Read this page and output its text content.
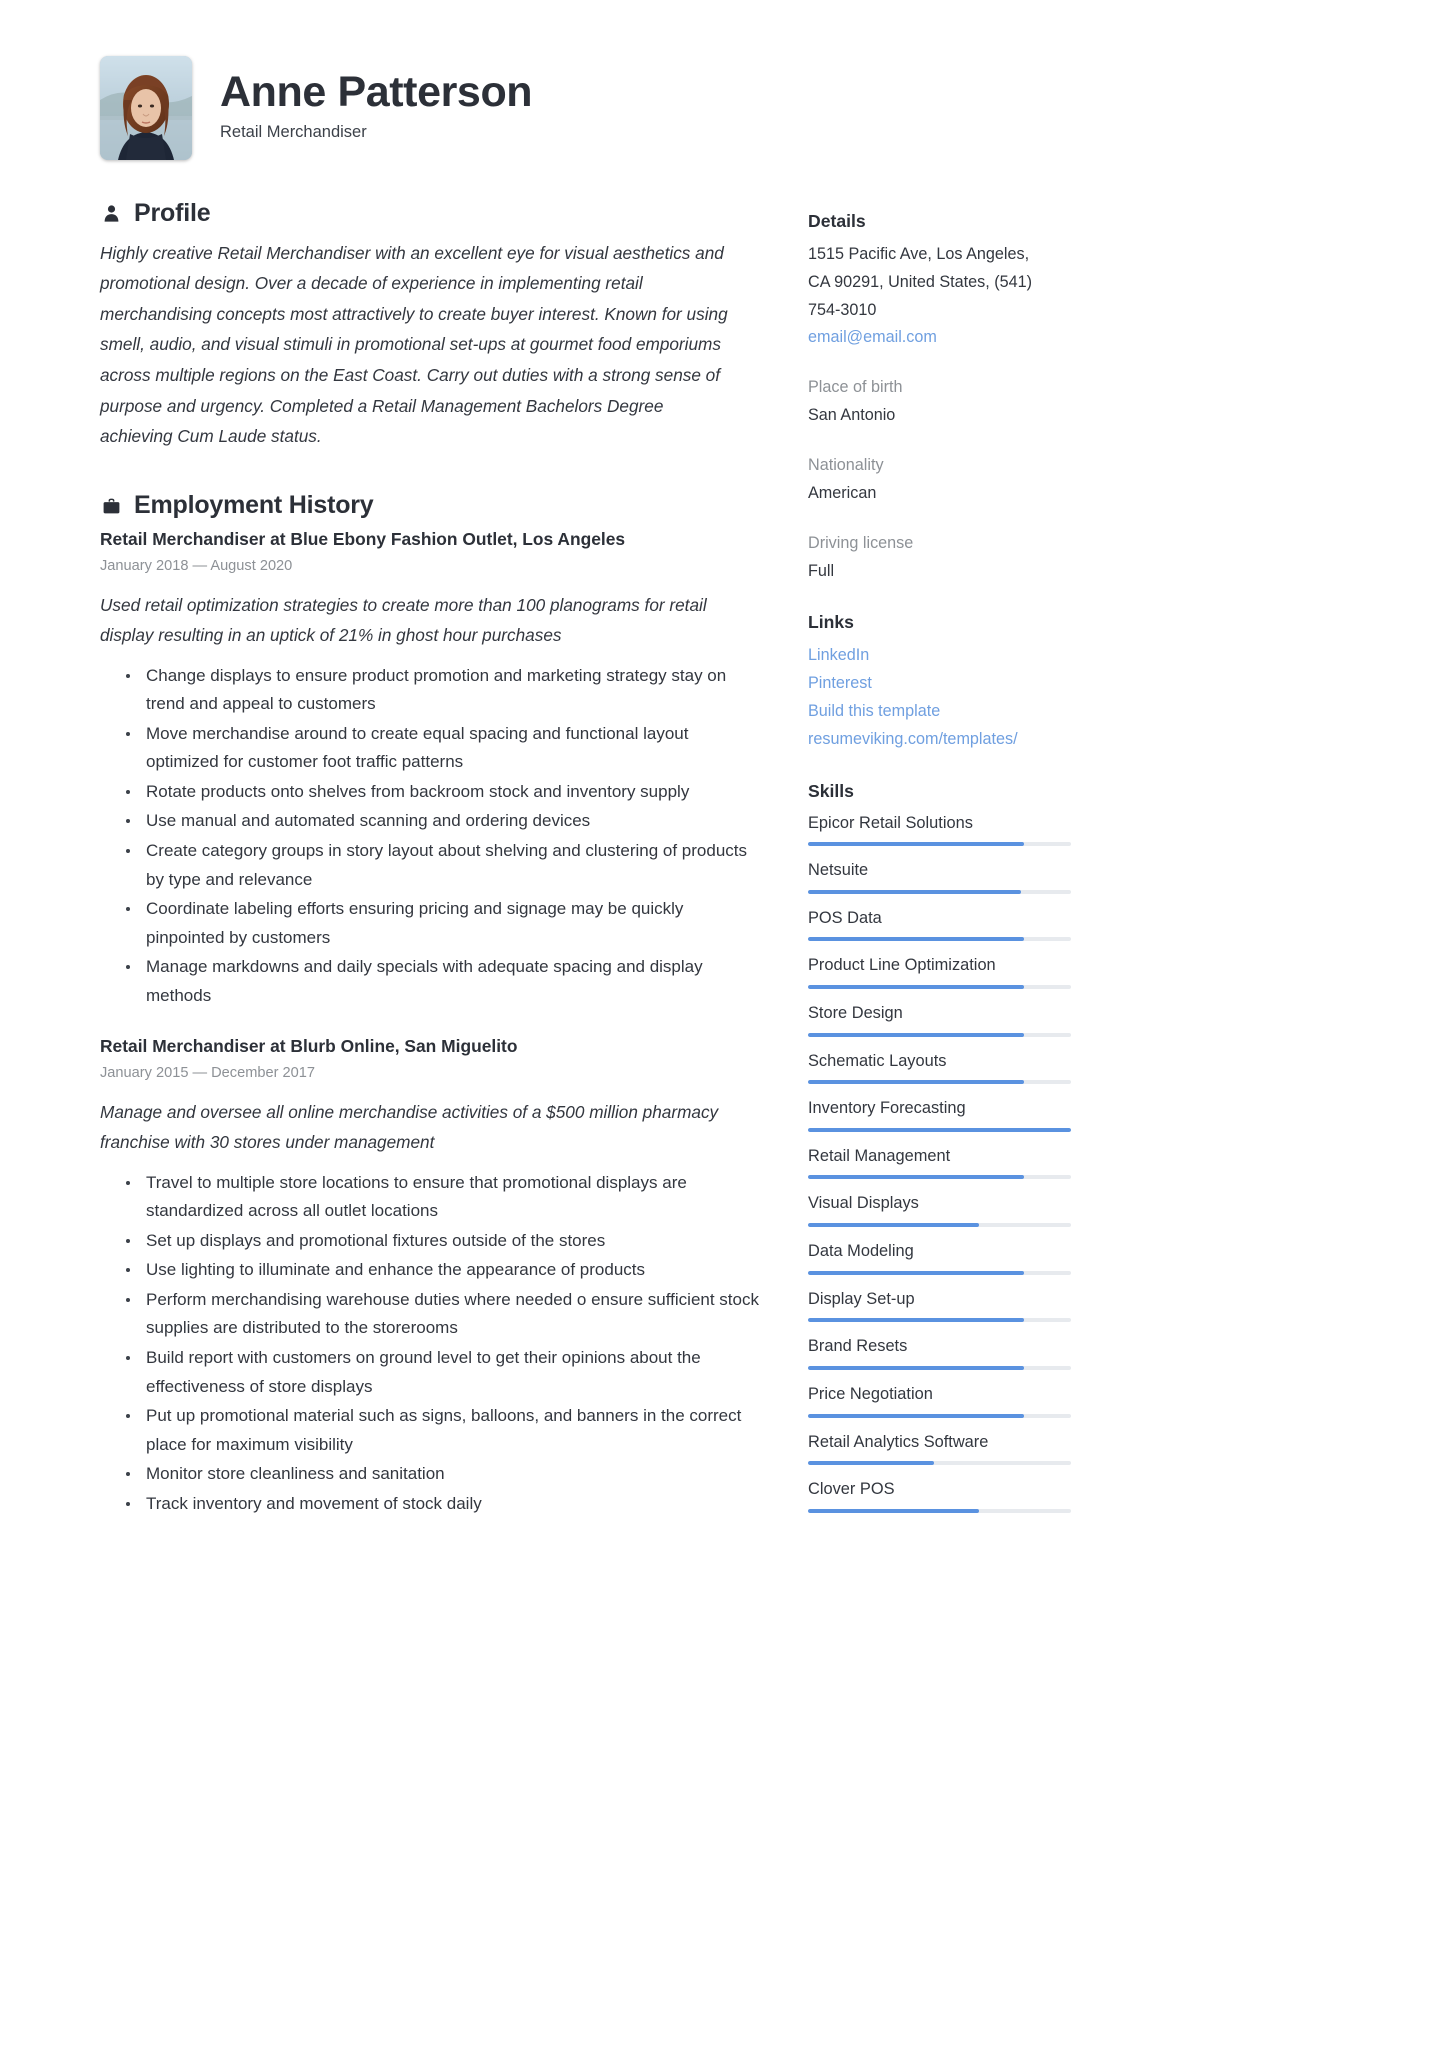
Anne Patterson
Retail Merchandiser
Profile

Highly creative Retail Merchandiser with an excellent eye for visual aesthetics and promotional design. Over a decade of experience in implementing retail merchandising concepts most attractively to create buyer interest. Known for using smell, audio, and visual stimuli in promotional set-ups at gourmet food emporiums across multiple regions on the East Coast. Carry out duties with a strong sense of purpose and urgency. Completed a Retail Management Bachelors Degree achieving Cum Laude status.

Employment History
Retail Merchandiser at Blue Ebony Fashion Outlet, Los Angeles
January 2018 — August 2020
Used retail optimization strategies to create more than 100 planograms for retail display resulting in an uptick of 21% in ghost hour purchases
Change displays to ensure product promotion and marketing strategy stay on trend and appeal to customers
Move merchandise around to create equal spacing and functional layout optimized for customer foot traffic patterns
Rotate products onto shelves from backroom stock and inventory supply
Use manual and automated scanning and ordering devices
Create category groups in story layout about shelving and clustering of products by type and relevance
Coordinate labeling efforts ensuring pricing and signage may be quickly pinpointed by customers
Manage markdowns and daily specials with adequate spacing and display methods
Retail Merchandiser at Blurb Online, San Miguelito
January 2015 — December 2017
Manage and oversee all online merchandise activities of a $500 million pharmacy franchise with 30 stores under management
Travel to multiple store locations to ensure that promotional displays are standardized across all outlet locations
Set up displays and promotional fixtures outside of the stores
Use lighting to illuminate and enhance the appearance of products
Perform merchandising warehouse duties where needed o ensure sufficient stock supplies are distributed to the storerooms
Build report with customers on ground level to get their opinions about the effectiveness of store displays
Put up promotional material such as signs, balloons, and banners in the correct place for maximum visibility
Monitor store cleanliness and sanitation
Track inventory and movement of stock daily
Details
1515 Pacific Ave, Los Angeles,
CA 90291, United States, (541)
754-3010
email@email.com
Place of birth
San Antonio
Nationality
American
Driving license
Full
Links
LinkedIn
Pinterest
Build this template
resumeviking.com/templates/
Skills
Epicor Retail Solutions
Netsuite
POS Data
Product Line Optimization
Store Design
Schematic Layouts
Inventory Forecasting
Retail Management
Visual Displays
Data Modeling
Display Set-up
Brand Resets
Price Negotiation
Retail Analytics Software
Clover POS
